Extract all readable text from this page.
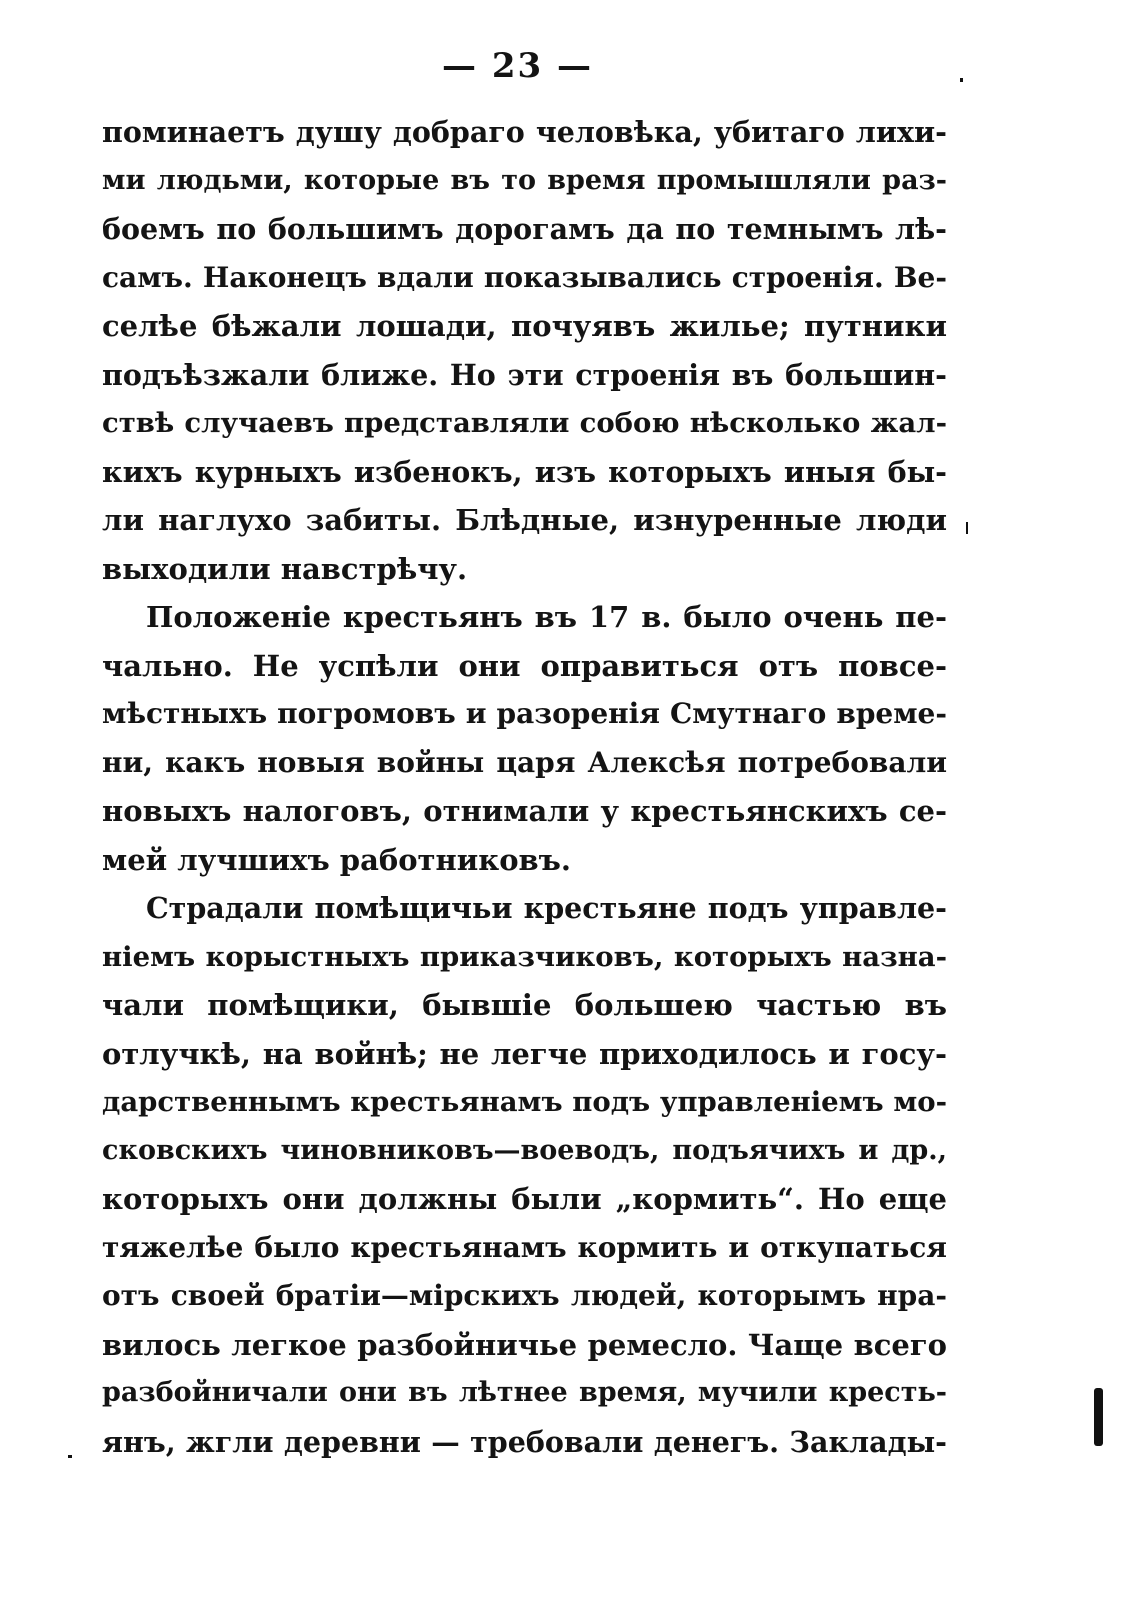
— 23 —
поминаетъ душу добраго человѣка, убитаго лихи-
ми людьми, которые въ то время промышляли раз-
боемъ по большимъ дорогамъ да по темнымъ лѣ-
самъ. Наконецъ вдали показывались строенія. Ве-
селѣе бѣжали лошади, почуявъ жилье; путники
подъѣзжали ближе. Но эти строенія въ большин-
ствѣ случаевъ представляли собою нѣсколько жал-
кихъ курныхъ избенокъ, изъ которыхъ иныя бы-
ли наглухо забиты. Блѣдные, изнуренные люди
выходили навстрѣчу.
Положеніе крестьянъ въ 17 в. было очень пе-
чально. Не успѣли они оправиться отъ повсе-
мѣстныхъ погромовъ и разоренія Смутнаго време-
ни, какъ новыя войны царя Алексѣя потребовали
новыхъ налоговъ, отнимали у крестьянскихъ се-
мей лучшихъ работниковъ.
Страдали помѣщичьи крестьяне подъ управле-
ніемъ корыстныхъ приказчиковъ, которыхъ назна-
чали помѣщики, бывшіе большею частью въ
отлучкѣ, на войнѣ; не легче приходилось и госу-
дарственнымъ крестьянамъ подъ управленіемъ мо-
сковскихъ чиновниковъ—воеводъ, подъячихъ и др.,
которыхъ они должны были „кормить“. Но еще
тяжелѣе было крестьянамъ кормить и откупаться
отъ своей братіи—мірскихъ людей, которымъ нра-
вилось легкое разбойничье ремесло. Чаще всего
разбойничали они въ лѣтнее время, мучили кресть-
янъ, жгли деревни — требовали денегъ. Заклады-
